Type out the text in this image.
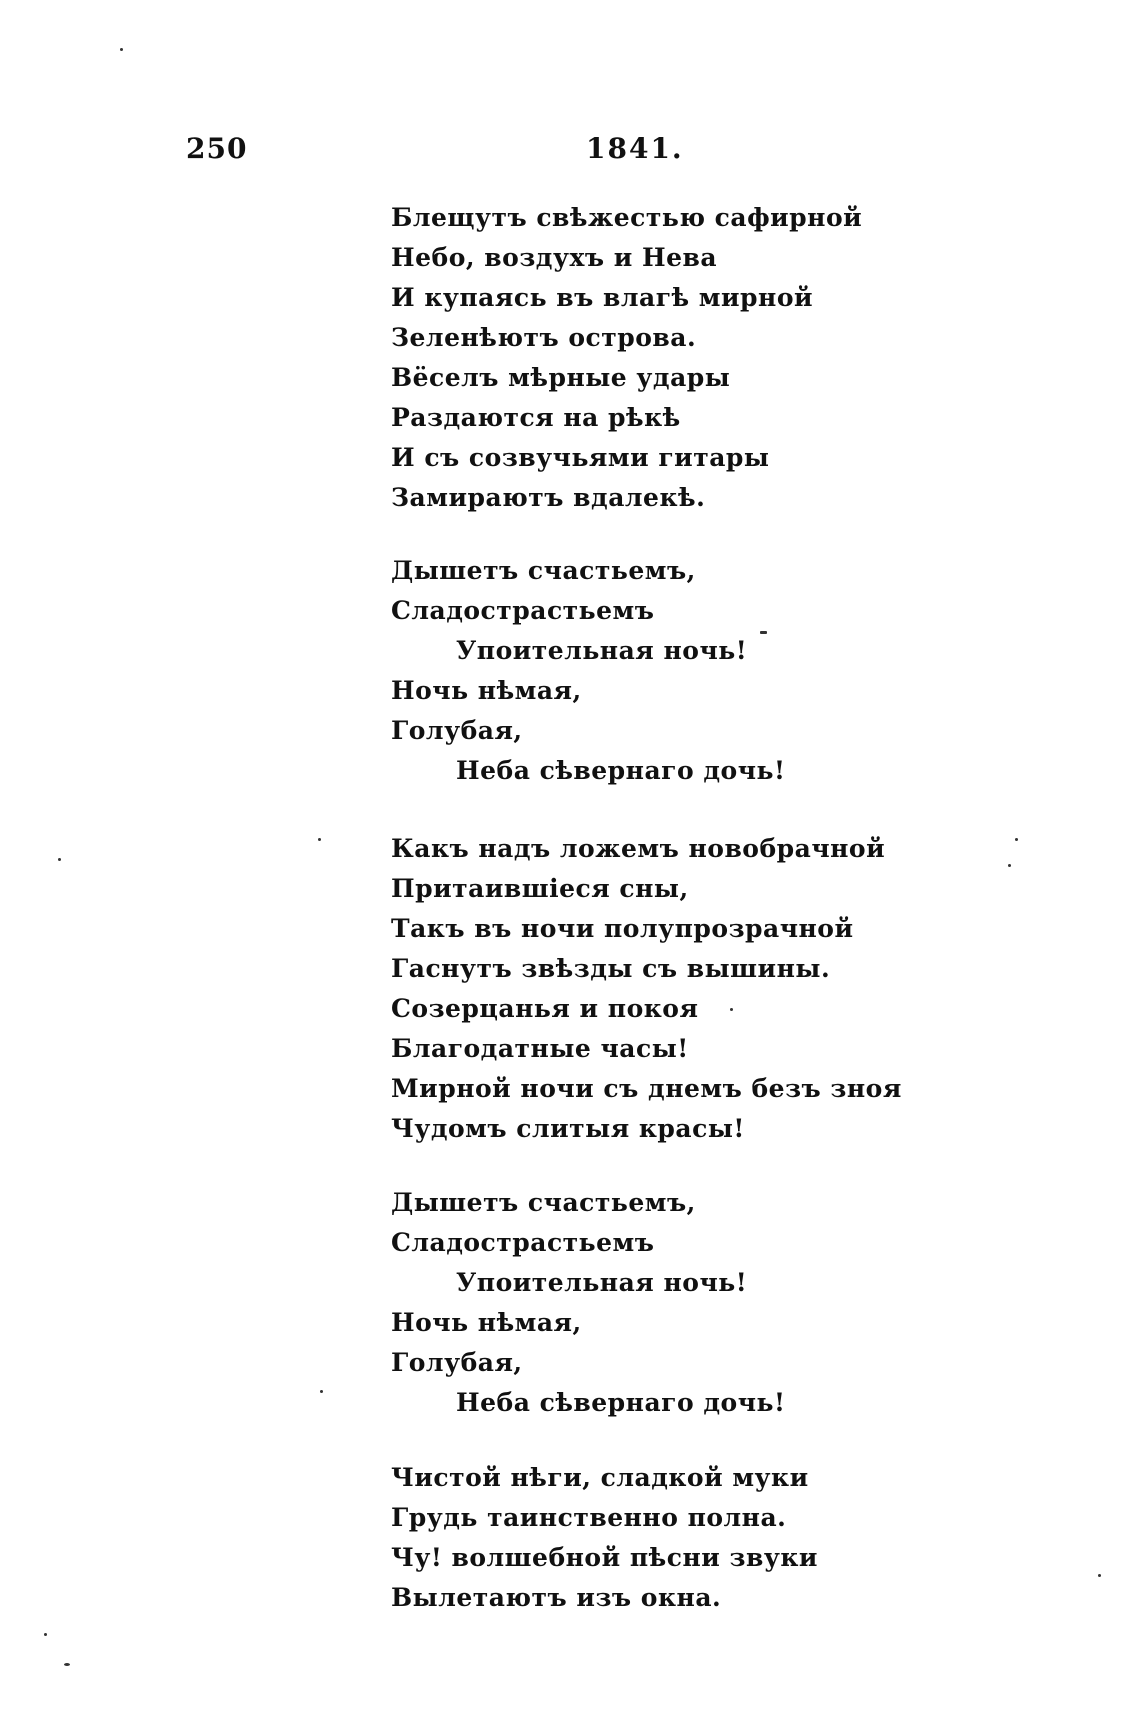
250	1841.
Блещутъ свѣжестью сафирной
Небо, воздухъ и Нева
И купаясь въ влагѣ мирной
Зеленѣютъ острова.
Вёселъ мѣрные удары
Раздаются на рѣкѣ
И съ созвучьями гитары
Замираютъ вдалекѣ.
Дышетъ счастьемъ,
Сладострастьемъ
Упоительная ночь!
Ночь нѣмая,
Голубая,
Неба сѣвернаго дочь!
Какъ надъ ложемъ новобрачной
Притаившіеся сны,
Такъ въ ночи полупрозрачной
Гаснутъ звѣзды съ вышины.
Созерцанья и покоя
Благодатные часы!
Мирной ночи съ днемъ безъ зноя
Чудомъ слитыя красы!
Дышетъ счастьемъ,
Сладострастьемъ
Упоительная ночь!
Ночь нѣмая,
Голубая,
Неба сѣвернаго дочь!
Чистой нѣги, сладкой муки
Грудь таинственно полна.
Чу! волшебной пѣсни звуки
Вылетаютъ изъ окна.
